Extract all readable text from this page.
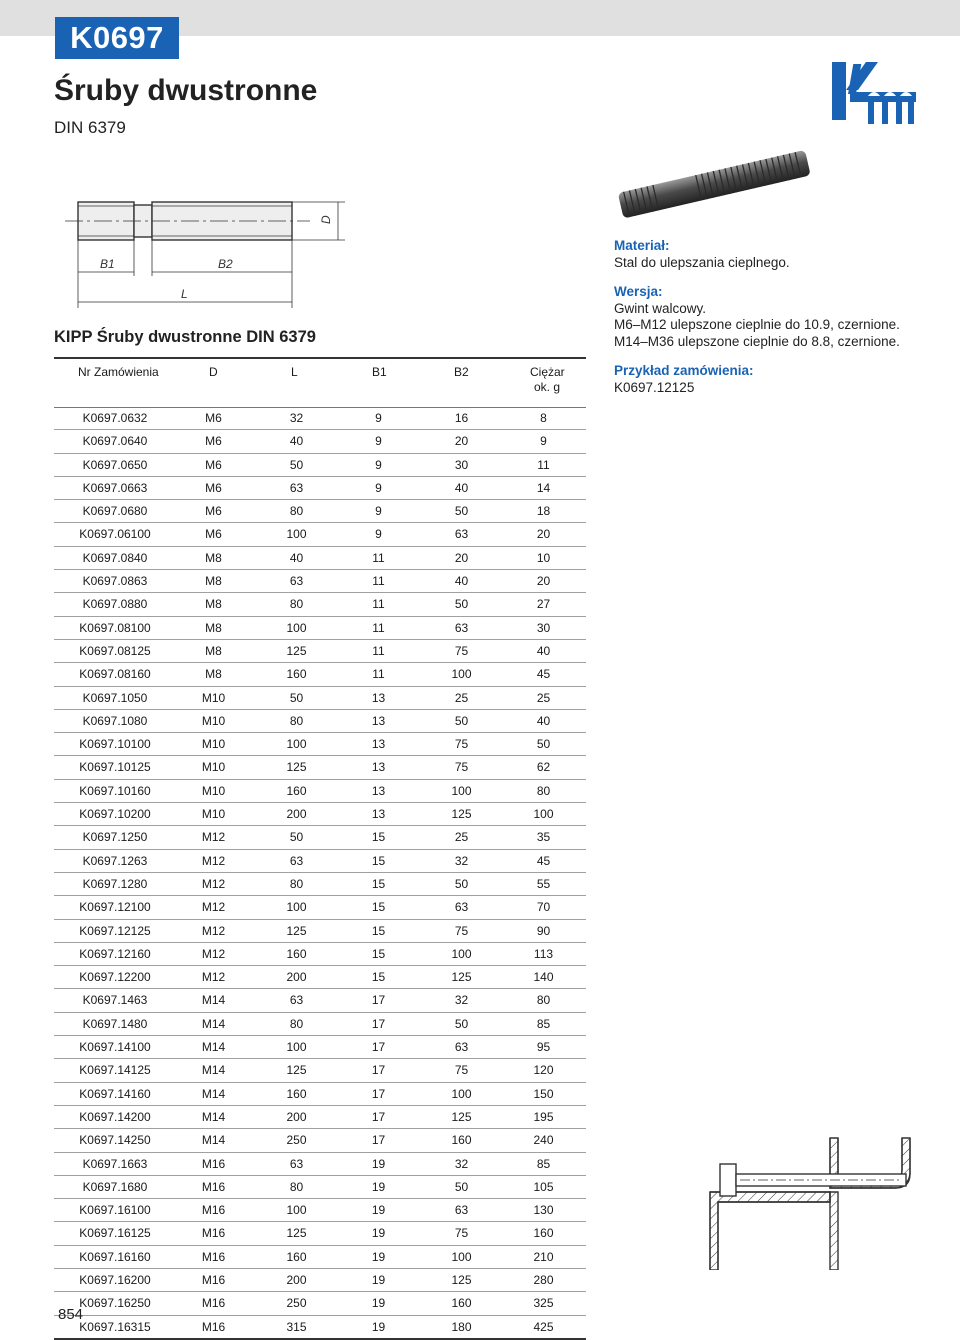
K0697
Śruby dwustronne
DIN 6379
B1	B2
L
D
KIPP Śruby dwustronne DIN 6379
Materiał:
Stal do ulepszania cieplnego.
Wersja:
Gwint walcowy.
M6–M12 ulepszone cieplnie do 10.9, czernione.
M14–M36 ulepszone cieplnie do 8.8, czernione.
Przykład zamówienia:
K0697.12125
Nr Zamówienia	D	L	B1	B2	Ciężar
ok. g
K0697.0632	M6	32	9	16	8
K0697.0640	M6	40	9	20	9
K0697.0650	M6	50	9	30	11
K0697.0663	M6	63	9	40	14
K0697.0680	M6	80	9	50	18
K0697.06100	M6	100	9	63	20
K0697.0840	M8	40	11	20	10
K0697.0863	M8	63	11	40	20
K0697.0880	M8	80	11	50	27
K0697.08100	M8	100	11	63	30
K0697.08125	M8	125	11	75	40
K0697.08160	M8	160	11	100	45
K0697.1050	M10	50	13	25	25
K0697.1080	M10	80	13	50	40
K0697.10100	M10	100	13	75	50
K0697.10125	M10	125	13	75	62
K0697.10160	M10	160	13	100	80
K0697.10200	M10	200	13	125	100
K0697.1250	M12	50	15	25	35
K0697.1263	M12	63	15	32	45
K0697.1280	M12	80	15	50	55
K0697.12100	M12	100	15	63	70
K0697.12125	M12	125	15	75	90
K0697.12160	M12	160	15	100	113
K0697.12200	M12	200	15	125	140
K0697.1463	M14	63	17	32	80
K0697.1480	M14	80	17	50	85
K0697.14100	M14	100	17	63	95
K0697.14125	M14	125	17	75	120
K0697.14160	M14	160	17	100	150
K0697.14200	M14	200	17	125	195
K0697.14250	M14	250	17	160	240
K0697.1663	M16	63	19	32	85
K0697.1680	M16	80	19	50	105
K0697.16100	M16	100	19	63	130
K0697.16125	M16	125	19	75	160
K0697.16160	M16	160	19	100	210
K0697.16200	M16	200	19	125	280
K0697.16250	M16	250	19	160	325
K0697.16315	M16	315	19	180	425
854
